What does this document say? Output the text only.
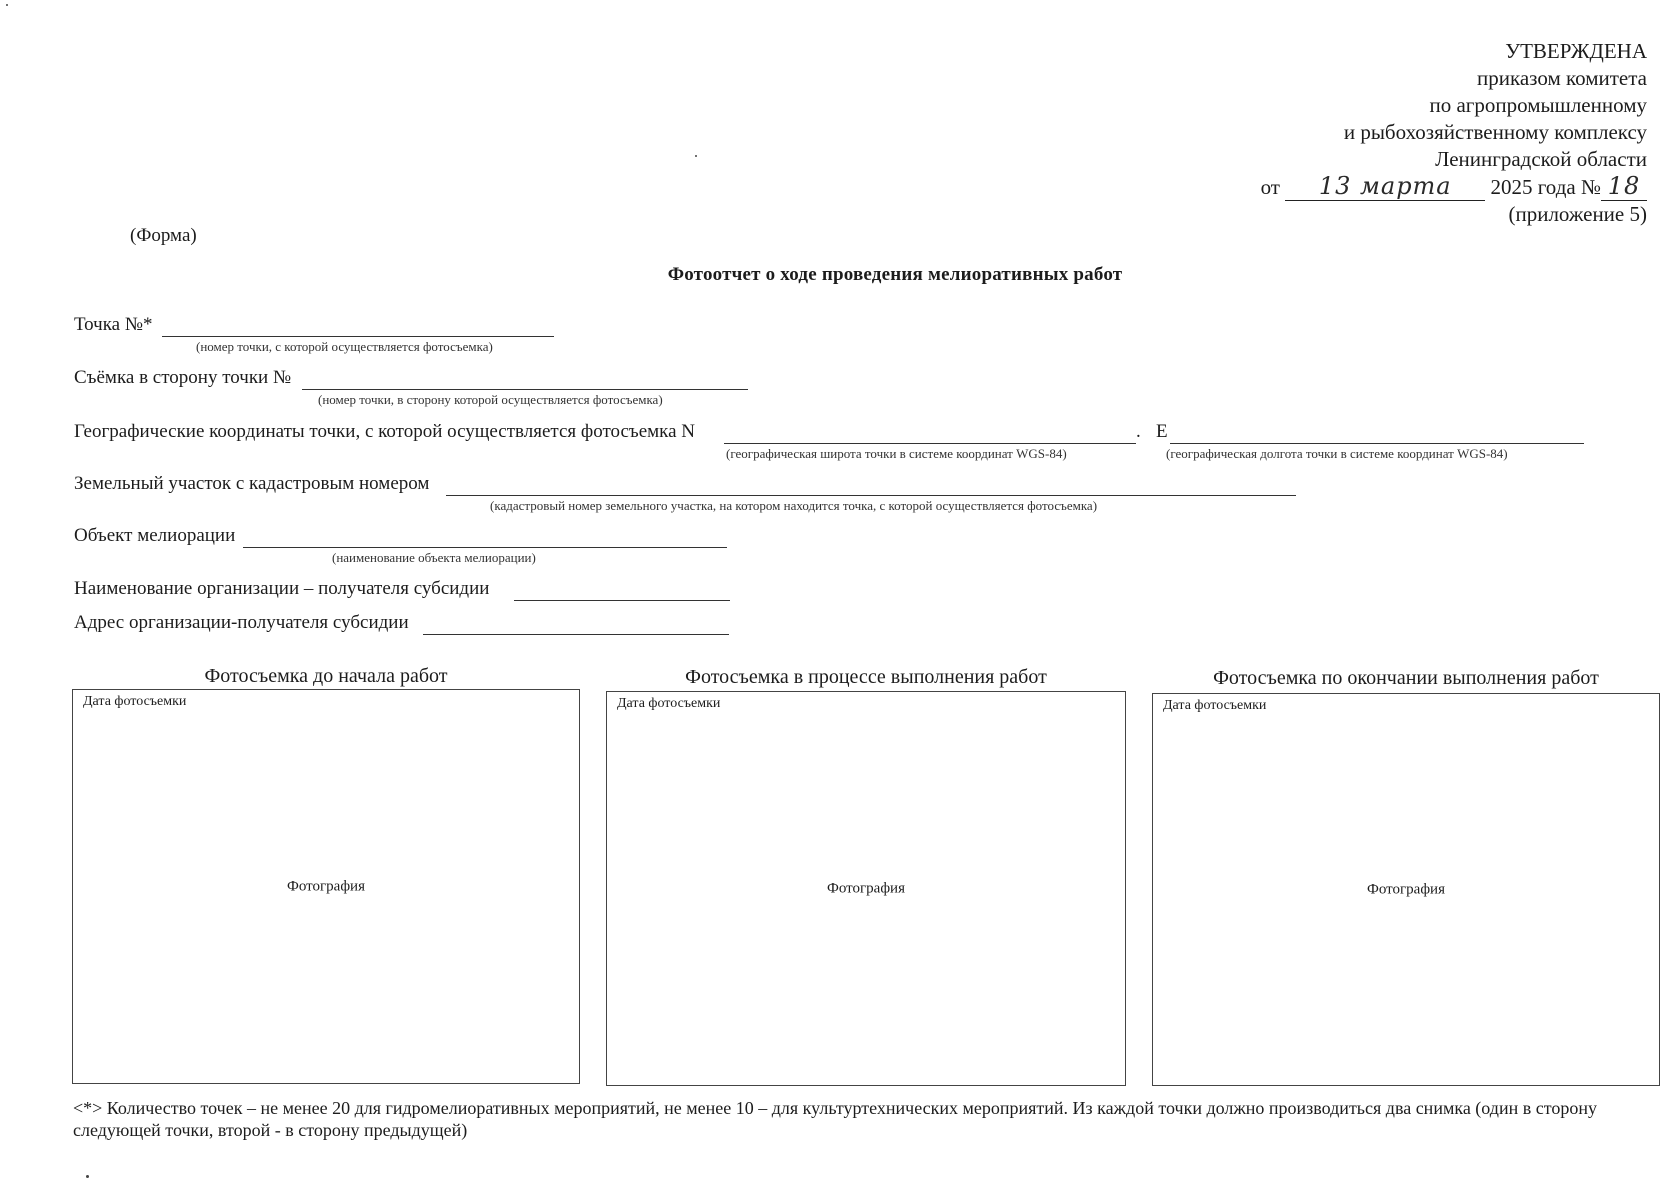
УТВЕРЖДЕНА
приказом комитета
по агропромышленному
и рыбохозяйственному комплексу
Ленинградской области
от 13 марта 2025 года № 18
(приложение 5)
(Форма)
Фотоотчет о ходе проведения мелиоративных работ
Точка №*
(номер точки, с которой осуществляется фотосъемка)
Съёмка в сторону точки №
(номер точки, в сторону которой осуществляется фотосъемка)
Географические координаты точки, с которой осуществляется фотосъемка N	.
(географическая широта точки в системе координат WGS-84)
E
(географическая долгота точки в системе координат WGS-84)
Земельный участок с кадастровым номером
(кадастровый номер земельного участка, на котором находится точка, с которой осуществляется фотосъемка)
Объект мелиорации
(наименование объекта мелиорации)
Наименование организации – получателя субсидии
Адрес организации-получателя субсидии
Фотосъемка до начала работ
Дата фотосъемки
Фотография
Фотосъемка в процессе выполнения работ
Дата фотосъемки
Фотография
Фотосъемка по окончании выполнения работ
Дата фотосъемки
Фотография
<*> Количество точек – не менее 20 для гидромелиоративных мероприятий, не менее 10 – для культуртехнических мероприятий. Из каждой точки должно производиться два снимка (один в сторону следующей точки, второй - в сторону предыдущей)
